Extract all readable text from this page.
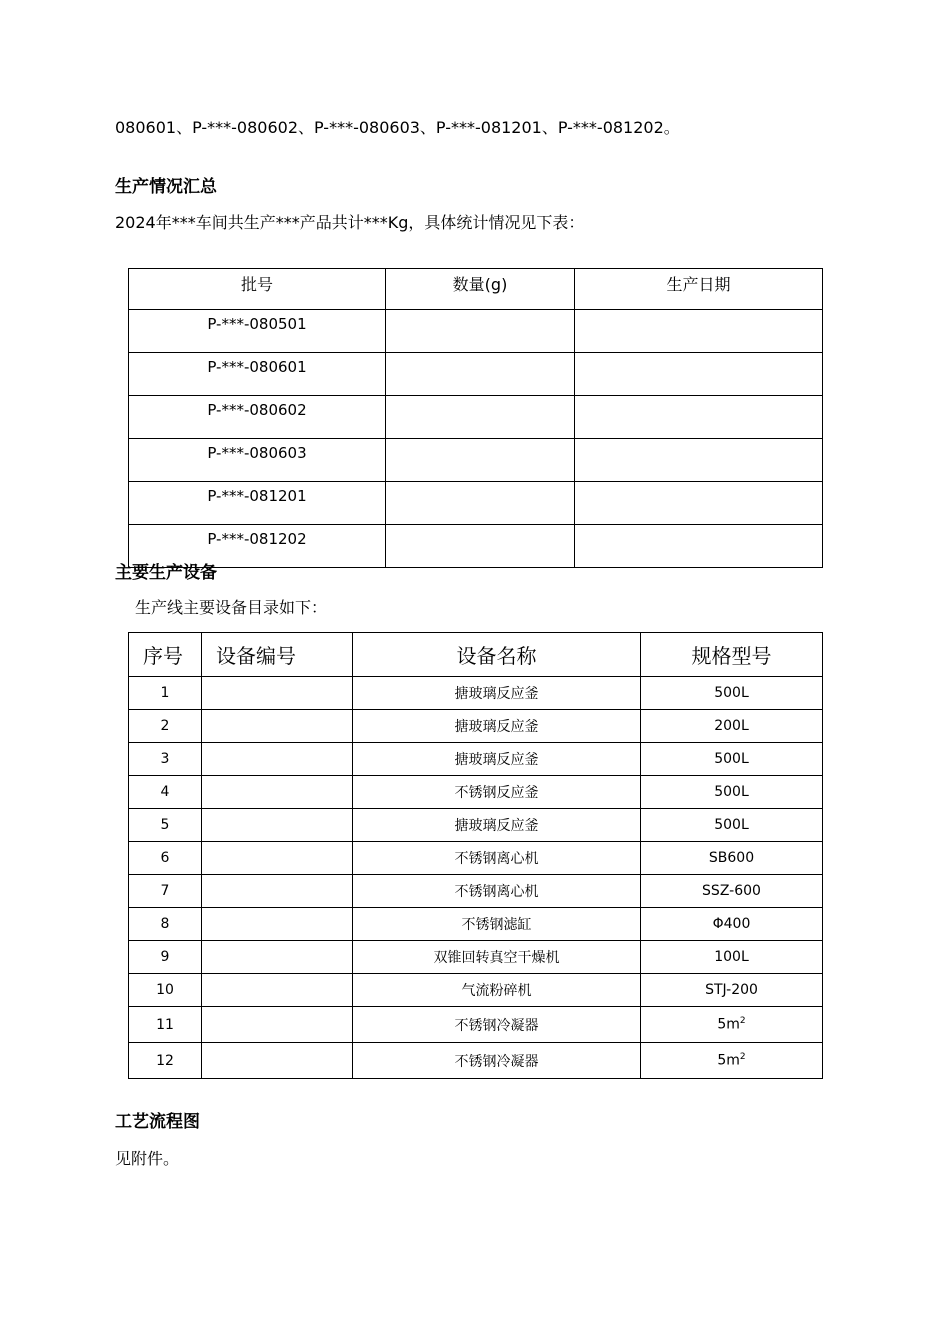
080601、P-***-080602、P-***-080603、P-***-081201、P-***-081202。
生产情况汇总
2024年***车间共生产***产品共计***Kg，具体统计情况见下表：
批号	数量(g)	生产日期
P-***-080501		
P-***-080601		
P-***-080602		
P-***-080603		
P-***-081201		
P-***-081202		
主要生产设备
生产线主要设备目录如下：
序号	设备编号	设备名称	规格型号
1		搪玻璃反应釜	500L
2		搪玻璃反应釜	200L
3		搪玻璃反应釜	500L
4		不锈钢反应釜	500L
5		搪玻璃反应釜	500L
6		不锈钢离心机	SB600
7		不锈钢离心机	SSZ-600
8		不锈钢滤缸	Φ400
9		双锥回转真空干燥机	100L
10		气流粉碎机	STJ-200
11		不锈钢冷凝器	$5m^2$
12		不锈钢冷凝器	$5m^2$
工艺流程图
见附件。
